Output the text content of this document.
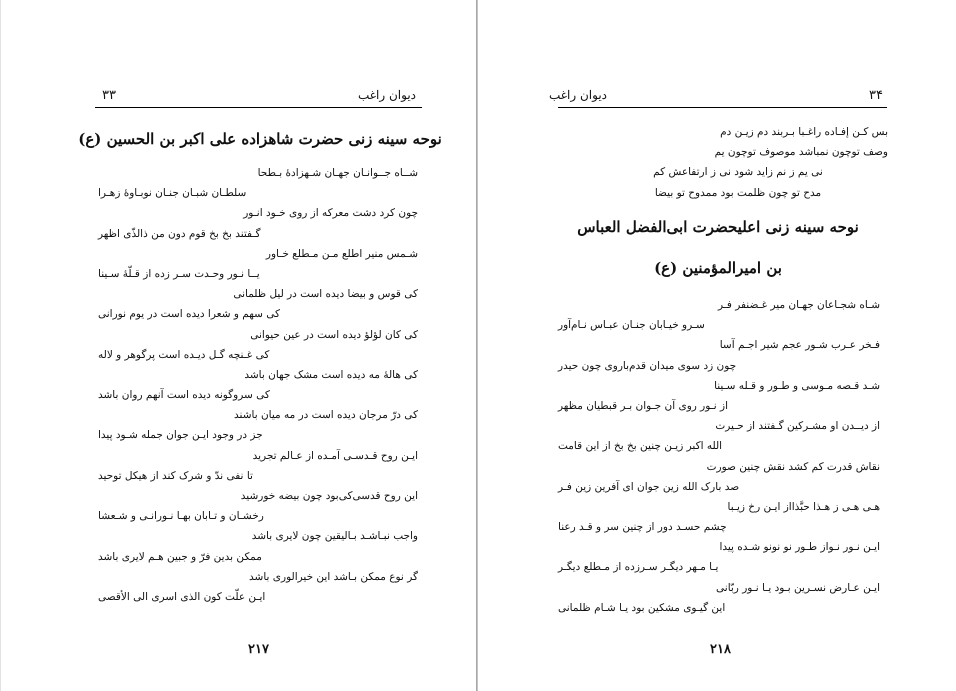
۳۳	دیوان راغب
نوحه سینه زنی حضرت شاهزاده علی اکبر بن الحسین (ع)
شــاه جــوانـان جهـان شـهزادهٔ بـطحا
سلطـان شبـان جنـان نوبـاوهٔ زهـرا
چون کرد دشت معرکه از روی خـود انـور
گـفتند بخ بخ قوم دون من ذالذّی اظهر
شـمس منیر اطلع مـن مـطلع خـاور
یــا نـور وحـدت سـر زده از قـلّهٔ سـینا
کی قوس و بیضا دیده است در لیل ظلمانی
کی سهم و شعرا دیده است در یوم نورانی
کی کان لؤلؤ دیده است در عین حیوانی
کی غـنچه گـل دیـده است پرگوهر و لاله
کی هالهٔ مه دیده است مشک جهان باشد
کی سروگونه دیده است آنهم روان باشد
کی درّ مرجان دیده است در مه میان باشند
جز در وجود ایـن جوان جمله شـود پیدا
ایـن روح قـدسـی آمـده از عـالم تجرید
تا نفی ندّ و شرک کند از هیکل توحید
این روح قدسی‌کی‌بود چون بیضه خورشید
رخشـان و تـابان بهـا نـورانـی و شـعشا
واجب نبـاشـد بـالیقین چون لایری باشد
ممکن بدین فرّ و جبین هـم لایری باشد
گر نوع ممکن بـاشد این خیرالوری باشد
ایـن علّت کون الذی اسری الی الأقصی
۲۱۷
۳۴
دیوان راغب
بس کـن إفـاده راغـبا بـربند دم زیـن دم
وصف توچون نمباشد موصوف توچون یم
نی یم ز نم زاید شود نی ز ارتفاعش کم
مدح تو چون ظلمت بود ممدوح تو بیضا
نوحه سینه زنی اعلیحضرت ابی‌الفضل العباس
بن امیرالمؤمنین (ع)
شـاه شجـاعان جهـان میر غـضنفر فـر
سـرو خیـابان جنـان عبـاس نـام‌آور
فـخر عـرب شـور عجم شیر اجـم آسا
چون زد سوی میدان قدم‌باروی چون حیدر
شـد قـصه مـوسی و طـور و قـله سـینا
از نـور روی آن جـوان بـر قبطیان مظهر
از دیــدن او مشـرکین گـفتند از حـیرت
الله اکبر زیـن چنین بخ بخ از این قامت
نقاش قدرت کم کشد نقش چنین صورت
صد بارک الله زین جوان ای آفرین زین فـر
هـی هـی ز هـذا حبَّذااز ایـن رخ زیـبا
چشم حسـد دور از چنین سر و قـد رعنا
ایـن نـور نـواز طـور نو نونو شـده پیدا
یـا مـهر دیگـر سـرزده از مـطلع دیگـر
ایـن عـارض نسـرین بـود یـا نـور ربّانی
این گیـوی مشکین بود یـا شـام ظلمانی
۲۱۸
